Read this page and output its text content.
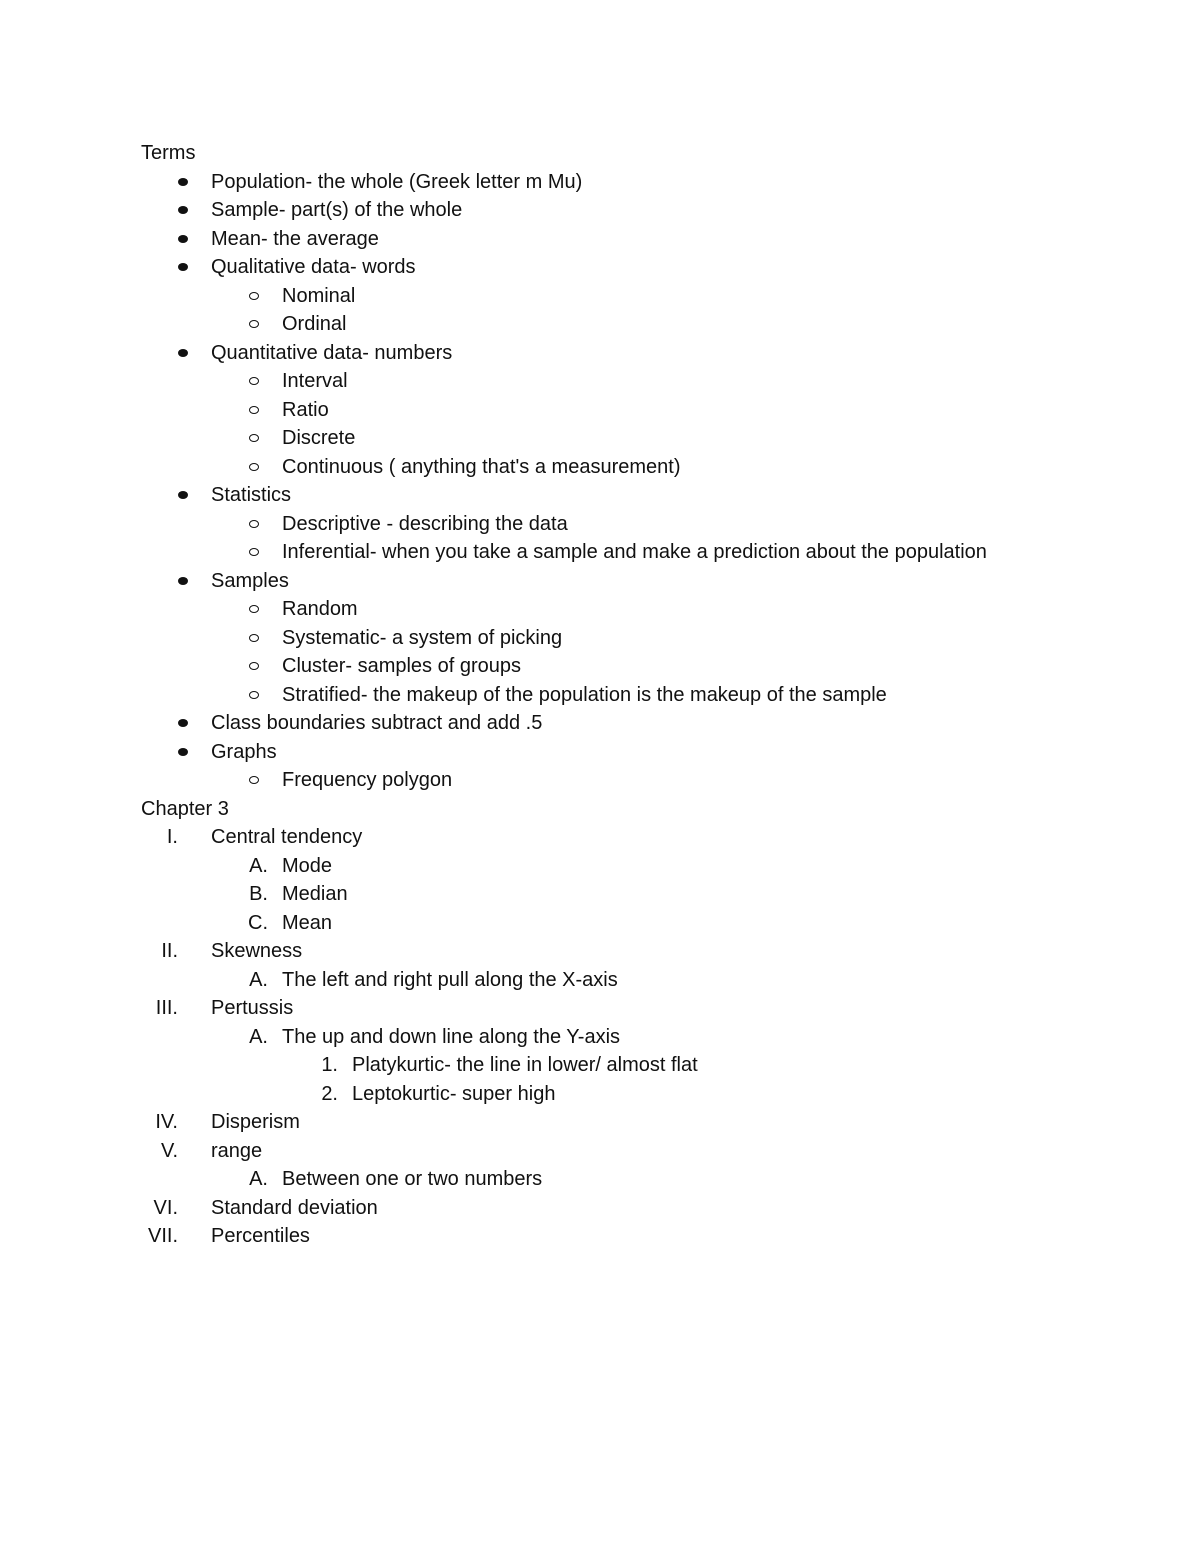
Terms
Population- the whole (Greek letter m Mu)
Sample- part(s) of the whole
Mean- the average
Qualitative data- words
Nominal
Ordinal
Quantitative data- numbers
Interval
Ratio
Discrete
Continuous ( anything that's a measurement)
Statistics
Descriptive - describing the data
Inferential- when you take a sample and make a prediction about the population
Samples
Random
Systematic- a system of picking
Cluster- samples of groups
Stratified- the makeup of the population is the makeup of the sample
Class boundaries subtract and add .5
Graphs
Frequency polygon
Chapter 3
I. Central tendency
A. Mode
B. Median
C. Mean
II. Skewness
A. The left and right pull along the X-axis
III. Pertussis
A. The up and down line along the Y-axis
1. Platykurtic- the line in lower/ almost flat
2. Leptokurtic- super high
IV. Disperism
V. range
A. Between one or two numbers
VI. Standard deviation
VII. Percentiles
